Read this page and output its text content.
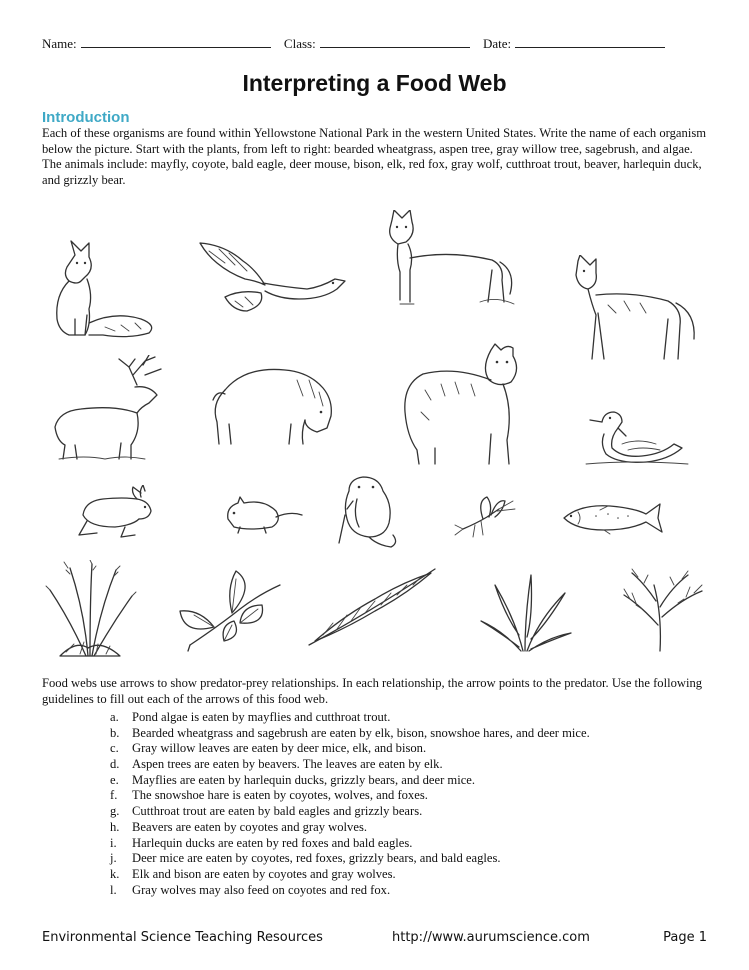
Name:	Class:	Date:
Interpreting a Food Web
Introduction
Each of these organisms are found within Yellowstone National Park in the western United States. Write the name of each organism below the picture. Start with the plants, from left to right: bearded wheatgrass, aspen tree, gray willow tree, sagebrush, and algae. The animals include: mayfly, coyote, bald eagle, deer mouse, bison, elk, red fox, gray wolf, cutthroat trout, beaver, harlequin duck, and grizzly bear.
Food webs use arrows to show predator-prey relationships. In each relationship, the arrow points to the predator. Use the following guidelines to fill out each of the arrows of this food web.
a. Pond algae is eaten by mayflies and cutthroat trout.
b. Bearded wheatgrass and sagebrush are eaten by elk, bison, snowshoe hares, and deer mice.
c. Gray willow leaves are eaten by deer mice, elk, and bison.
d. Aspen trees are eaten by beavers. The leaves are eaten by elk.
e. Mayflies are eaten by harlequin ducks, grizzly bears, and deer mice.
f. The snowshoe hare is eaten by coyotes, wolves, and foxes.
g. Cutthroat trout are eaten by bald eagles and grizzly bears.
h. Beavers are eaten by coyotes and gray wolves.
i. Harlequin ducks are eaten by red foxes and bald eagles.
j. Deer mice are eaten by coyotes, red foxes, grizzly bears, and bald eagles.
k. Elk and bison are eaten by coyotes and gray wolves.
l. Gray wolves may also feed on coyotes and red fox.
Environmental Science Teaching Resources	http://www.aurumscience.com	Page 1
